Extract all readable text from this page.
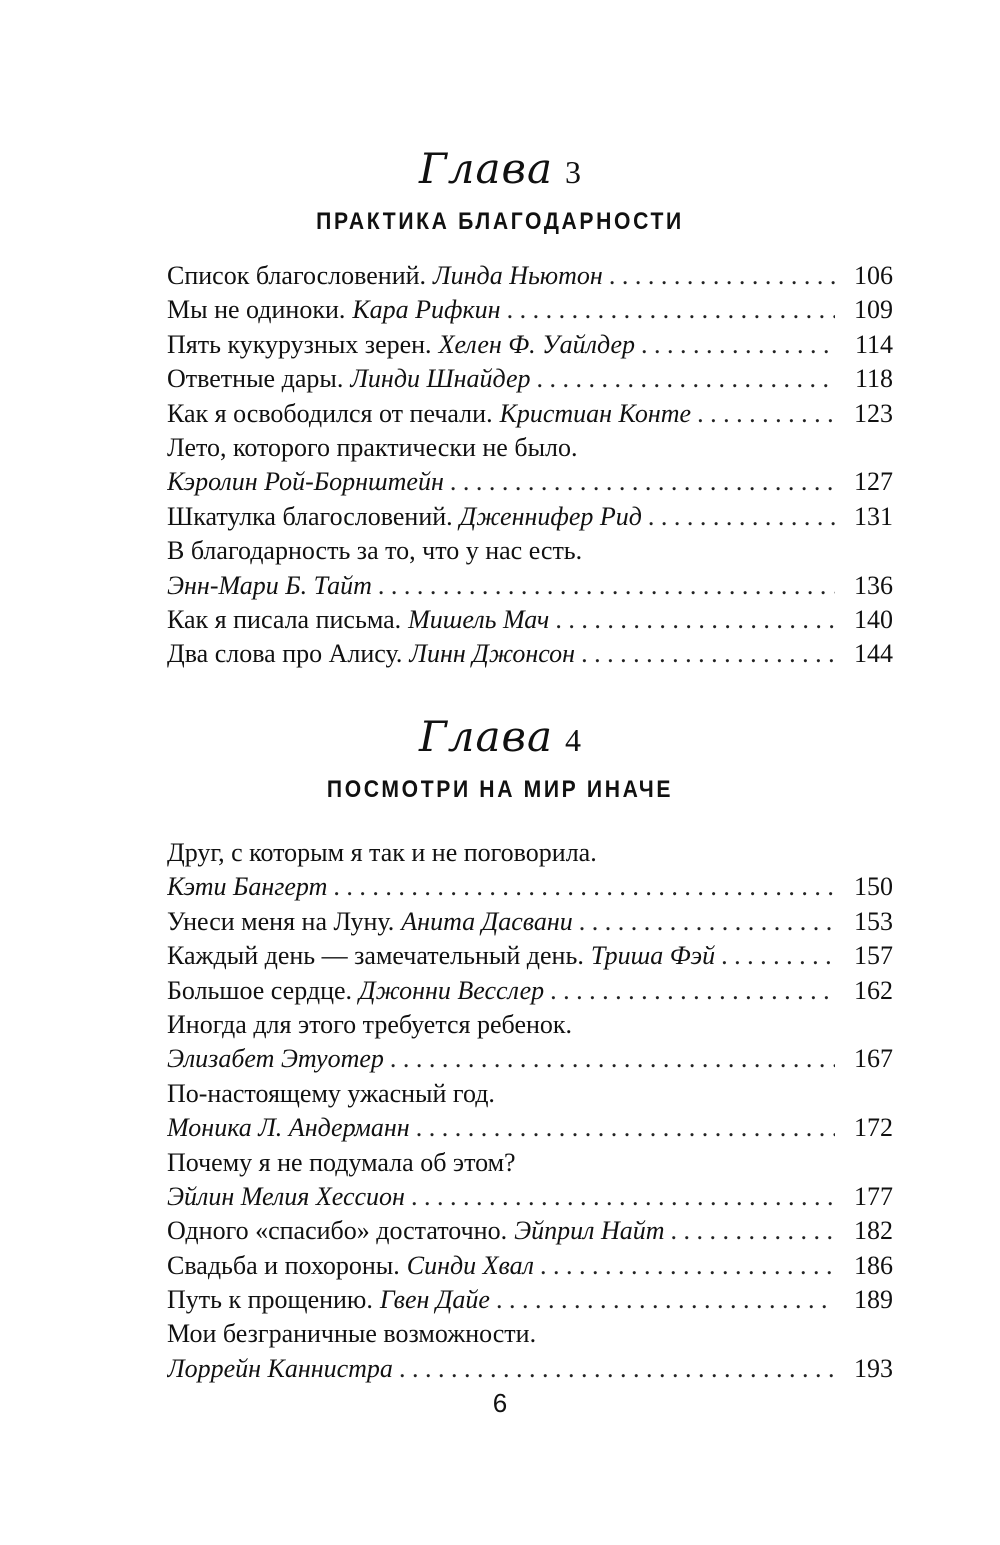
Глава 3
ПРАКТИКА БЛАГОДАРНОСТИ
Список благословений. Линда Ньютон . . .	106
Мы не одиноки. Кара Рифкин . . .	109
Пять кукурузных зерен. Хелен Ф. Уайлдер . . .	114
Ответные дары. Линди Шнайдер . . .	118
Как я освободился от печали. Кристиан Конте . . .	123
Лето, которого практически не было.
Кэролин Рой-Борнштейн . . .	127
Шкатулка благословений. Дженнифер Рид . . .	131
В благодарность за то, что у нас есть.
Энн-Мари Б. Тайт . . .	136
Как я писала письма. Мишель Мач . . .	140
Два слова про Алису. Линн Джонсон . . .	144
Глава 4
ПОСМОТРИ НА МИР ИНАЧЕ
Друг, с которым я так и не поговорила.
Кэти Бангерт . . .	150
Унеси меня на Луну. Анита Дасвани . . .	153
Каждый день — замечательный день. Триша Фэй . . .	157
Большое сердце. Джонни Весслер . . .	162
Иногда для этого требуется ребенок.
Элизабет Этуотер . . .	167
По-настоящему ужасный год.
Моника Л. Андерманн . . .	172
Почему я не подумала об этом?
Эйлин Мелия Хессион . . .	177
Одного «спасибо» достаточно. Эйприл Найт . . .	182
Свадьба и похороны. Синди Хвал . . .	186
Путь к прощению. Гвен Дайе . . .	189
Мои безграничные возможности.
Лоррейн Каннистра . . .	193
6
